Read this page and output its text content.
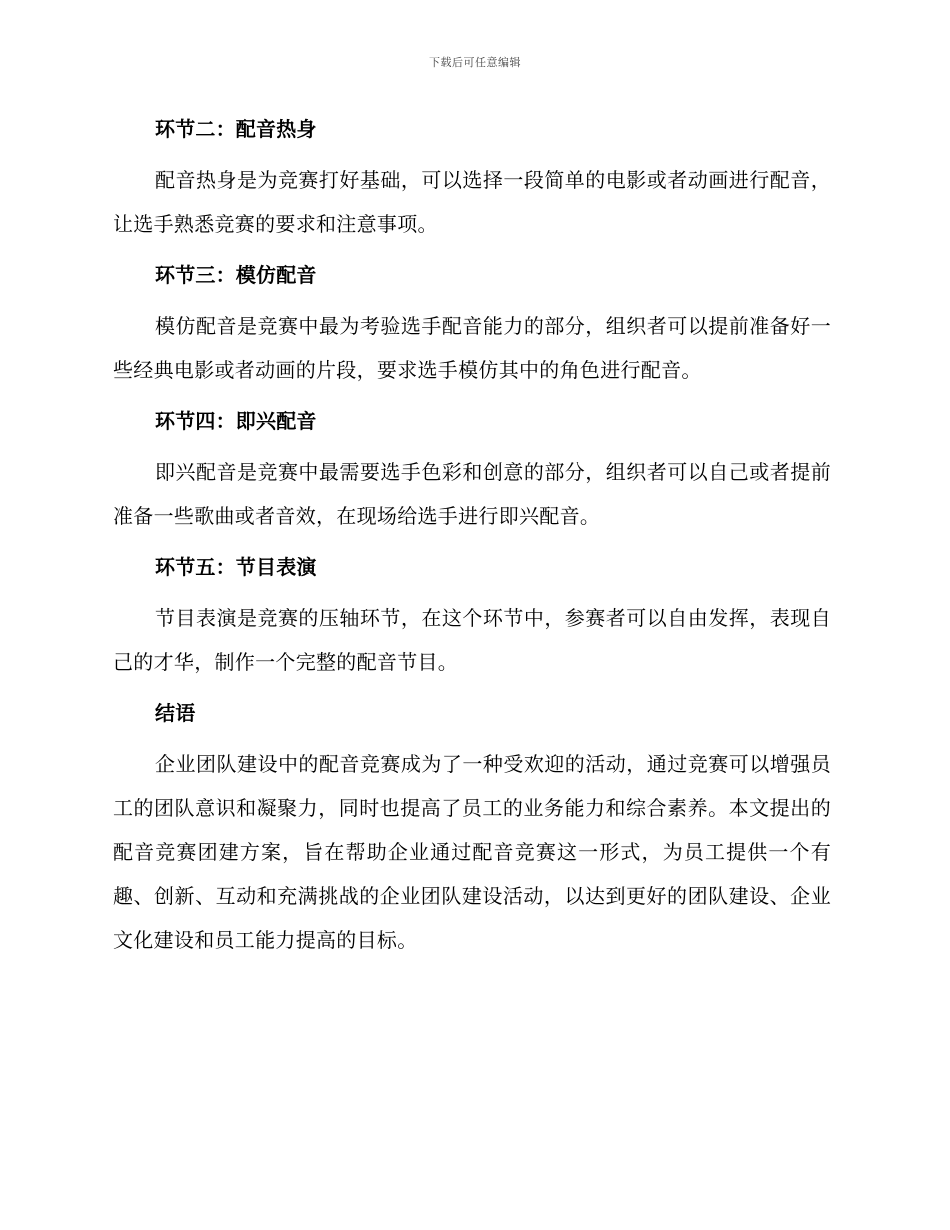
下载后可任意编辑
环节二：配音热身

配音热身是为竞赛打好基础，可以选择一段简单的电影或者动画进行配音，让选手熟悉竞赛的要求和注意事项。

环节三：模仿配音

模仿配音是竞赛中最为考验选手配音能力的部分，组织者可以提前准备好一些经典电影或者动画的片段，要求选手模仿其中的角色进行配音。

环节四：即兴配音

即兴配音是竞赛中最需要选手色彩和创意的部分，组织者可以自己或者提前准备一些歌曲或者音效，在现场给选手进行即兴配音。

环节五：节目表演

节目表演是竞赛的压轴环节，在这个环节中，参赛者可以自由发挥，表现自己的才华，制作一个完整的配音节目。

结语

企业团队建设中的配音竞赛成为了一种受欢迎的活动，通过竞赛可以增强员工的团队意识和凝聚力，同时也提高了员工的业务能力和综合素养。本文提出的配音竞赛团建方案，旨在帮助企业通过配音竞赛这一形式，为员工提供一个有趣、创新、互动和充满挑战的企业团队建设活动，以达到更好的团队建设、企业文化建设和员工能力提高的目标。
